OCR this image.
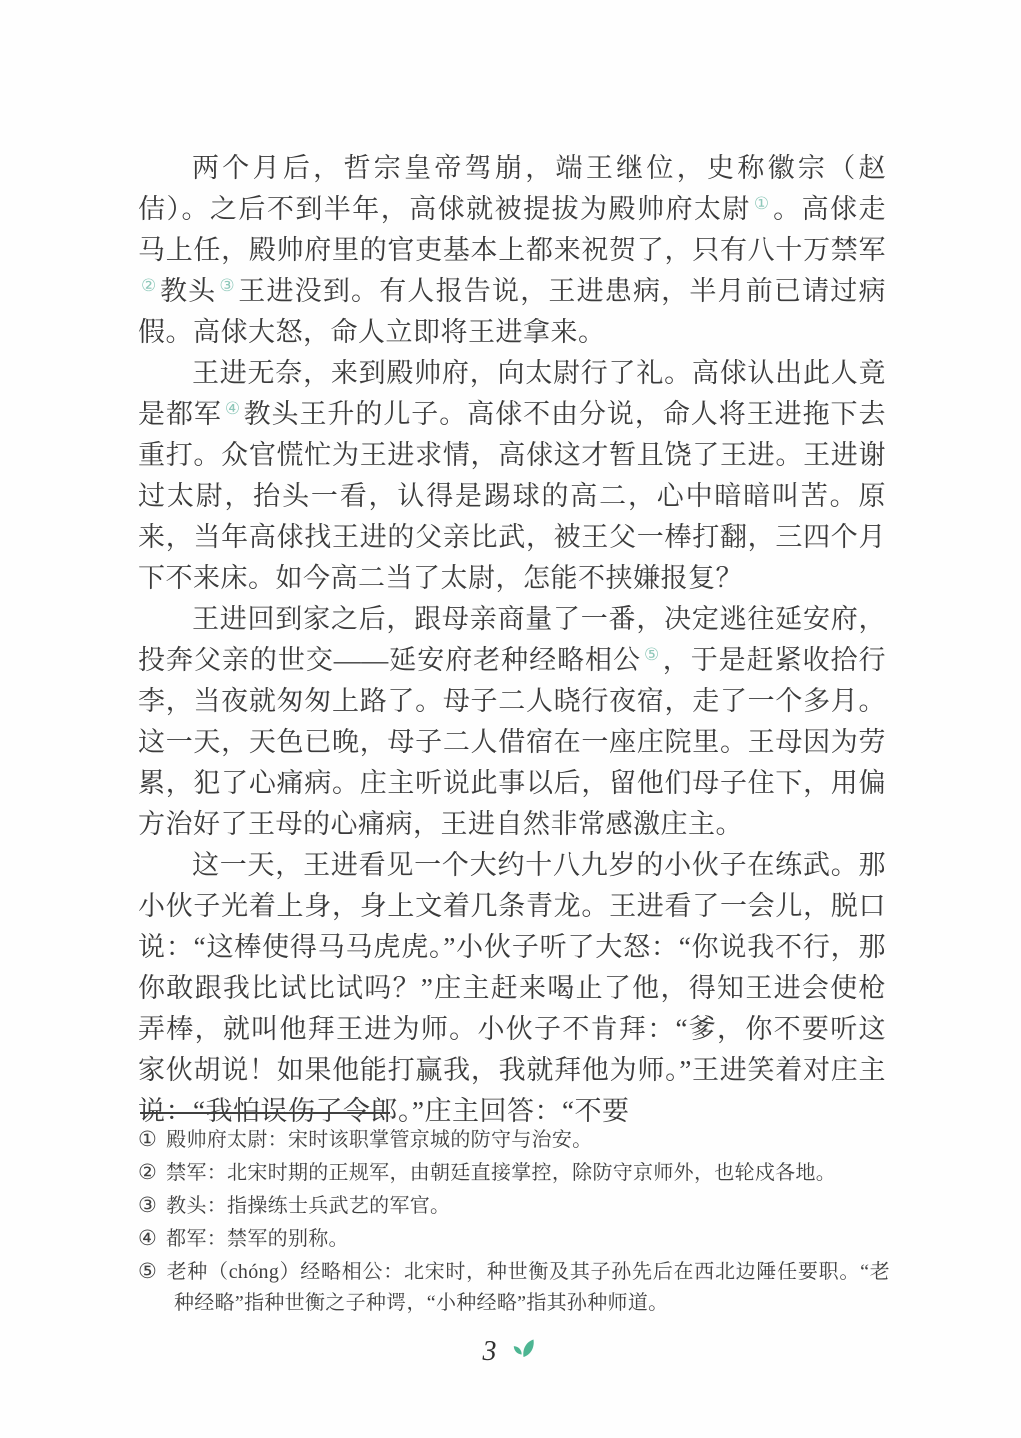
两个月后，哲宗皇帝驾崩，端王继位，史称徽宗（赵佶）。之后不到半年，高俅就被提拔为殿帅府太尉 ① 。高俅走马上任，殿帅府里的官吏基本上都来祝贺了，只有八十万禁军② 教头 ③ 王进没到。有人报告说，王进患病，半月前已请过病假。高俅大怒，命人立即将王进拿来。

王进无奈，来到殿帅府，向太尉行了礼。高俅认出此人竟是都军 ④ 教头王升的儿子。高俅不由分说，命人将王进拖下去重打。众官慌忙为王进求情，高俅这才暂且饶了王进。王进谢过太尉，抬头一看，认得是踢球的高二，心中暗暗叫苦。原来，当年高俅找王进的父亲比武，被王父一棒打翻，三四个月下不来床。如今高二当了太尉，怎能不挟嫌报复？

王进回到家之后，跟母亲商量了一番，决定逃往延安府，投奔父亲的世交——延安府老种经略相公 ⑤ ，于是赶紧收拾行李，当夜就匆匆上路了。母子二人晓行夜宿，走了一个多月。这一天，天色已晚，母子二人借宿在一座庄院里。王母因为劳累，犯了心痛病。庄主听说此事以后，留他们母子住下，用偏方治好了王母的心痛病，王进自然非常感激庄主。

这一天，王进看见一个大约十八九岁的小伙子在练武。那小伙子光着上身，身上文着几条青龙。王进看了一会儿，脱口说：“这棒使得马马虎虎。”小伙子听了大怒：“你说我不行，那你敢跟我比试比试吗？”庄主赶来喝止了他，得知王进会使枪弄棒，就叫他拜王进为师。小伙子不肯拜：“爹，你不要听这家伙胡说！如果他能打赢我，我就拜他为师。”王进笑着对庄主说：“我怕误伤了令郎。”庄主回答：“不要

① 殿帅府太尉：宋时该职掌管京城的防守与治安。
② 禁军：北宋时期的正规军，由朝廷直接掌控，除防守京师外，也轮戍各地。
③ 教头：指操练士兵武艺的军官。
④ 都军：禁军的别称。
⑤ 老种（chóng）经略相公：北宋时，种世衡及其子孙先后在西北边陲任要职。“老种经略”指种世衡之子种谔，“小种经略”指其孙种师道。
3
